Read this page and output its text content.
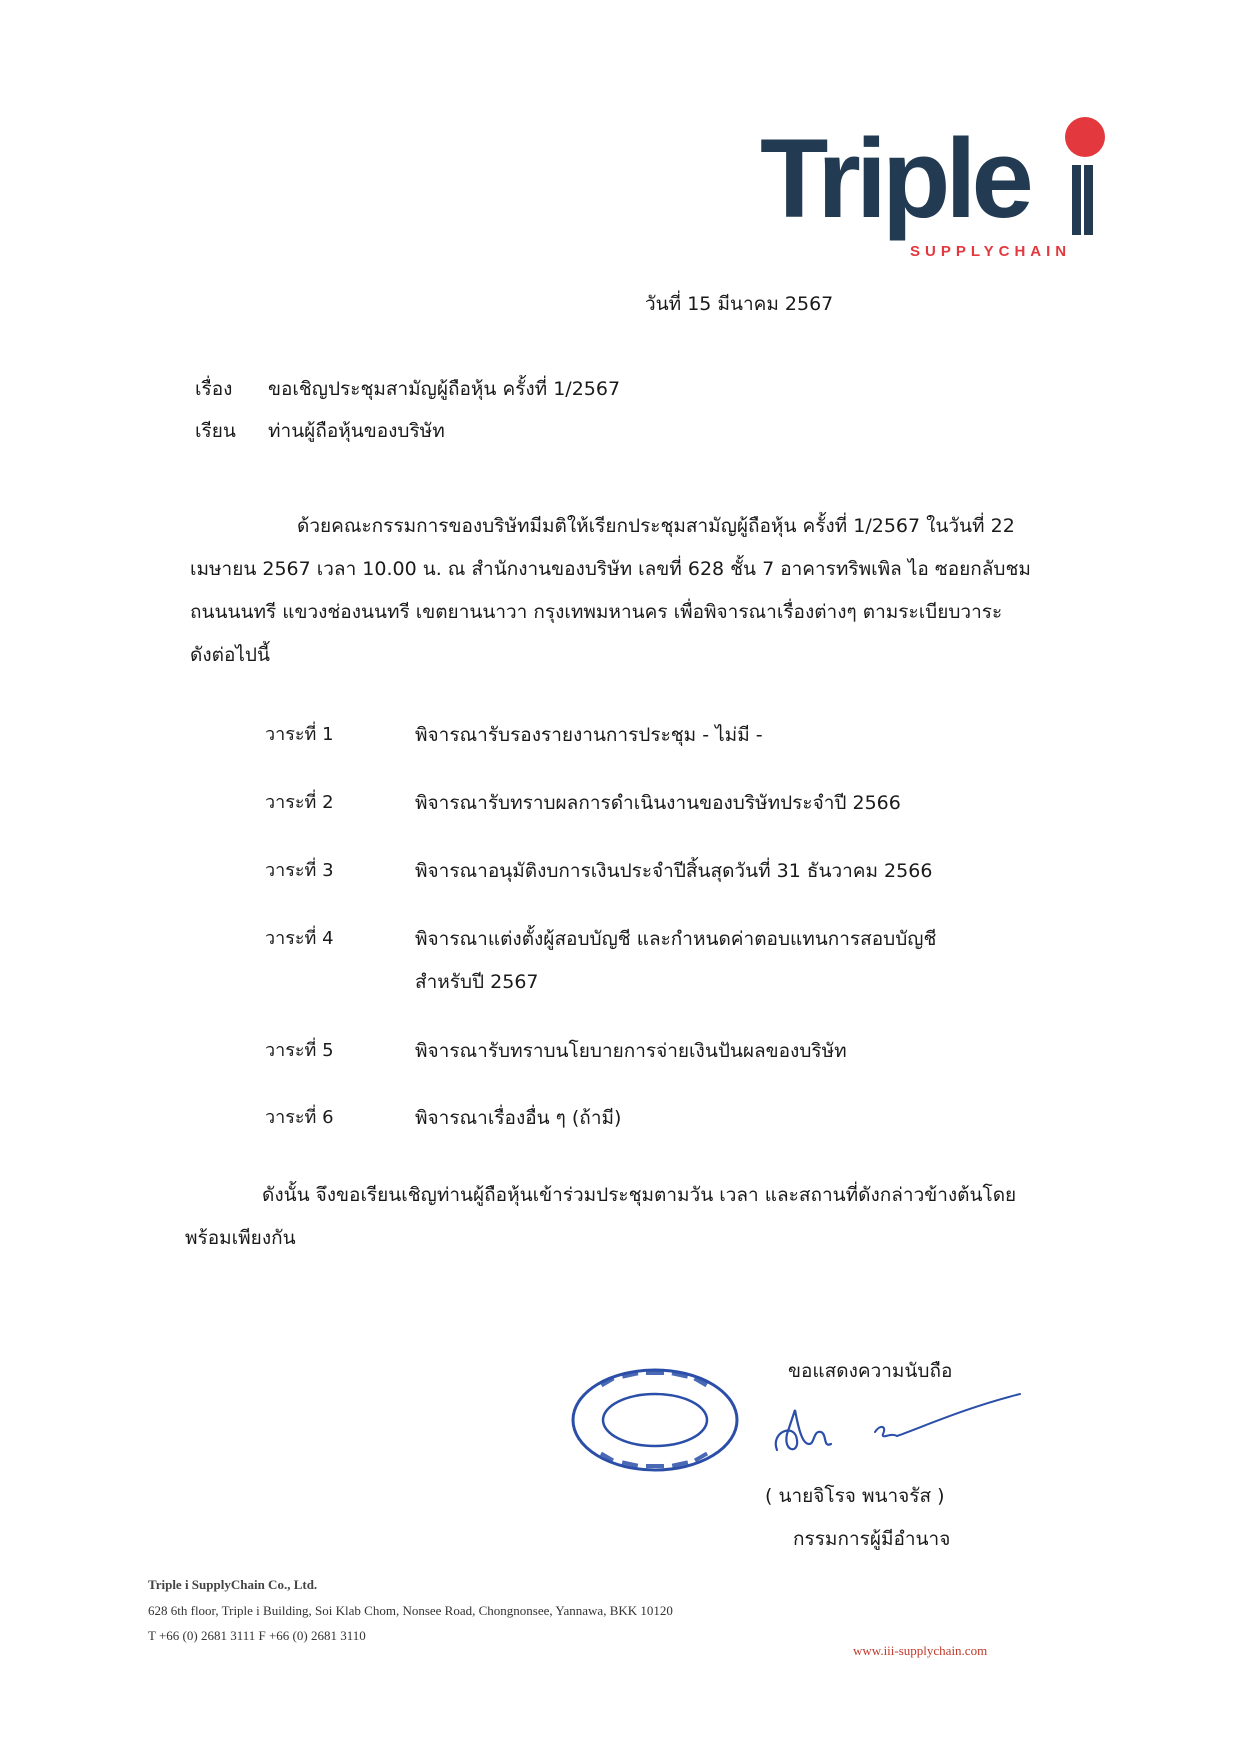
Triple
SUPPLYCHAIN
วันที่ 15 มีนาคม 2567
เรื่อง ขอเชิญประชุมสามัญผู้ถือหุ้น ครั้งที่ 1/2567
เรียน ท่านผู้ถือหุ้นของบริษัท
ด้วยคณะกรรมการของบริษัทมีมติให้เรียกประชุมสามัญผู้ถือหุ้น ครั้งที่ 1/2567 ในวันที่ 22
เมษายน 2567 เวลา 10.00 น. ณ สำนักงานของบริษัท เลขที่ 628 ชั้น 7 อาคารทริพเพิล ไอ ซอยกลับชม
ถนนนนทรี แขวงช่องนนทรี เขตยานนาวา กรุงเทพมหานคร เพื่อพิจารณาเรื่องต่างๆ ตามระเบียบวาระ
ดังต่อไปนี้
วาระที่ 1	พิจารณารับรองรายงานการประชุม - ไม่มี -
วาระที่ 2	พิจารณารับทราบผลการดำเนินงานของบริษัทประจำปี 2566
วาระที่ 3	พิจารณาอนุมัติงบการเงินประจำปีสิ้นสุดวันที่ 31 ธันวาคม 2566
วาระที่ 4	พิจารณาแต่งตั้งผู้สอบบัญชี และกำหนดค่าตอบแทนการสอบบัญชี
สำหรับปี 2567
วาระที่ 5	พิจารณารับทราบนโยบายการจ่ายเงินปันผลของบริษัท
วาระที่ 6	พิจารณาเรื่องอื่น ๆ (ถ้ามี)
ดังนั้น จึงขอเรียนเชิญท่านผู้ถือหุ้นเข้าร่วมประชุมตามวัน เวลา และสถานที่ดังกล่าวข้างต้นโดย
พร้อมเพียงกัน
ขอแสดงความนับถือ
( นายจิโรจ พนาจรัส )
กรรมการผู้มีอำนาจ
Triple i SupplyChain Co., Ltd.
628 6th floor, Triple i Building, Soi Klab Chom, Nonsee Road, Chongnonsee, Yannawa, BKK 10120
T +66 (0) 2681 3111 F +66 (0) 2681 3110
www.iii-supplychain.com
